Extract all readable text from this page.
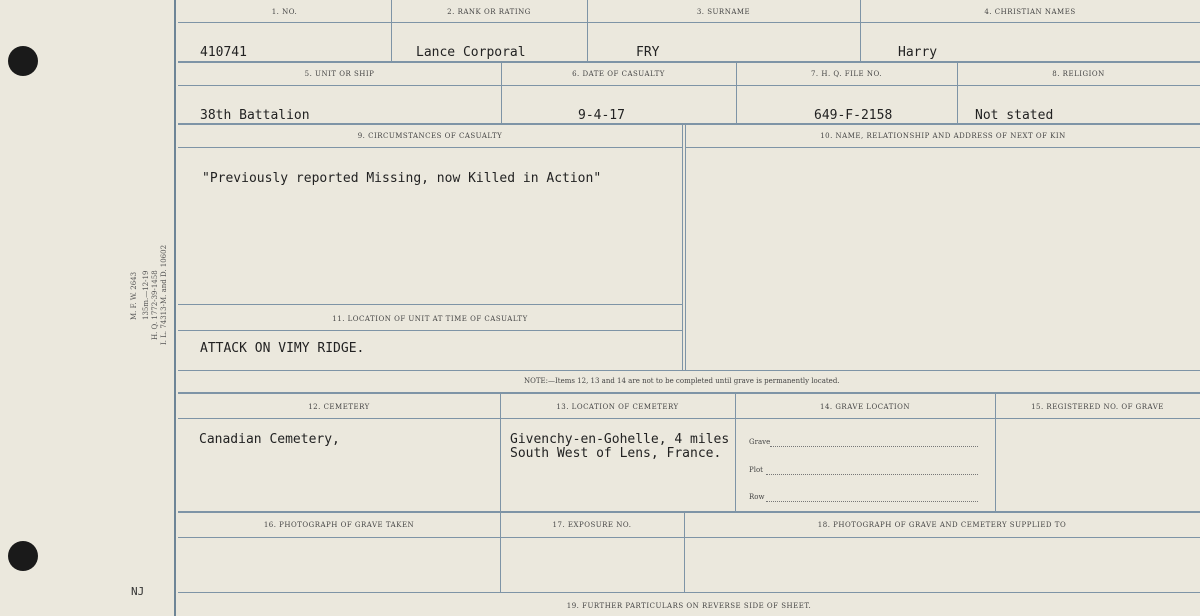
M. F. W. 2643 135m.—12-19 H. Q. 1772-39-1458 I. L. 74313-M. and D. 10602
NJ
1. NO.	2. RANK OR RATING	3. SURNAME	4. CHRISTIAN NAMES
410741	Lance Corporal	FRY	Harry
5. UNIT OR SHIP	6. DATE OF CASUALTY	7. H. Q. FILE NO.	8. RELIGION
38th Battalion	9-4-17	649-F-2158	Not stated
9. CIRCUMSTANCES OF CASUALTY	10. NAME, RELATIONSHIP AND ADDRESS OF NEXT OF KIN
"Previously reported Missing, now Killed in Action"
11. LOCATION OF UNIT AT TIME OF CASUALTY
ATTACK ON VIMY RIDGE.
NOTE:—Items 12, 13 and 14 are not to be completed until grave is permanently located.
12. CEMETERY	13. LOCATION OF CEMETERY	14. GRAVE LOCATION	15. REGISTERED NO. OF GRAVE
Canadian Cemetery,	Givenchy-en-Gohelle, 4 miles
South West of Lens, France.
Grave
Plot
Row
16. PHOTOGRAPH OF GRAVE TAKEN	17. EXPOSURE NO.	18. PHOTOGRAPH OF GRAVE AND CEMETERY SUPPLIED TO
19. FURTHER PARTICULARS ON REVERSE SIDE OF SHEET.
